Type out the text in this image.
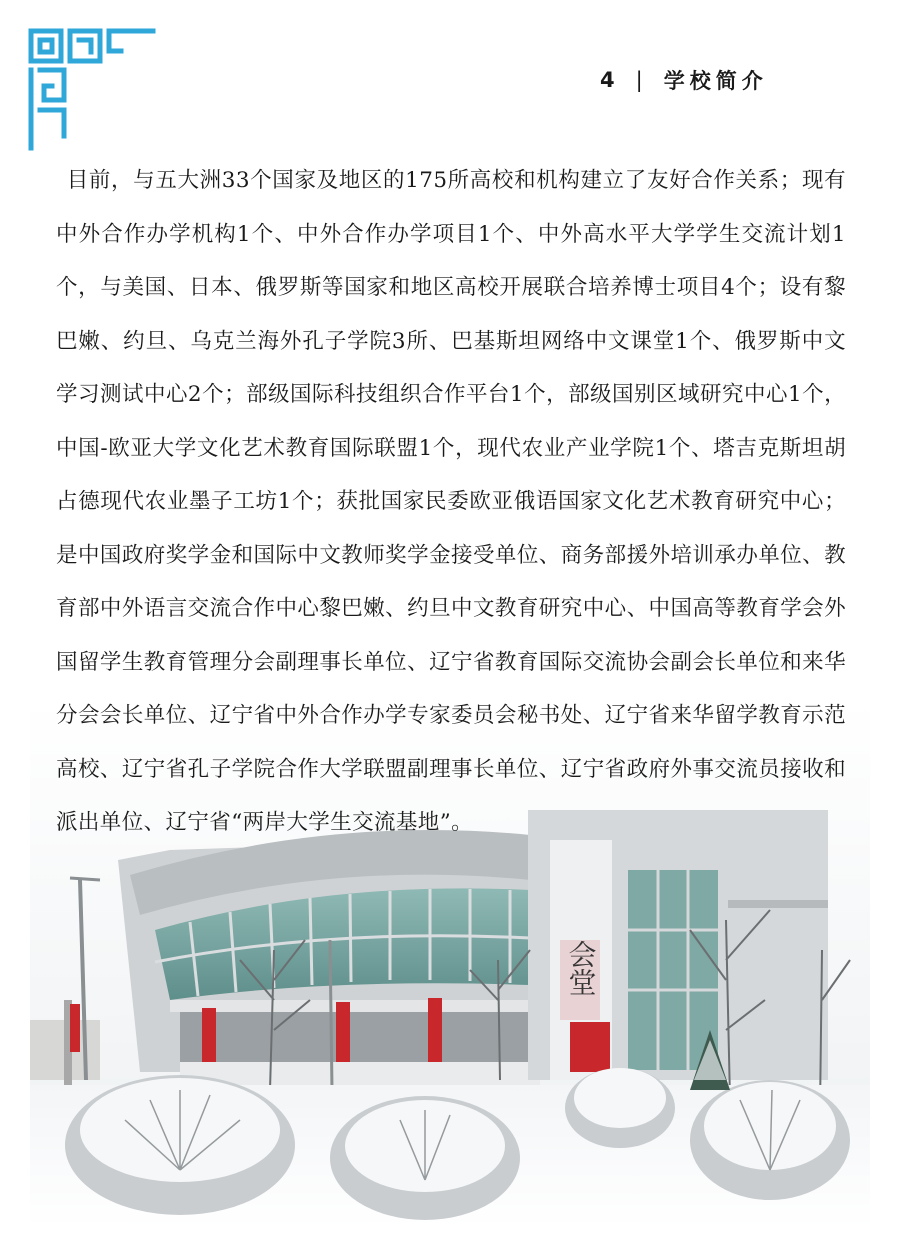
4 | 学校简介
会堂

目前，与五大洲33个国家及地区的175所高校和机构建立了友好合作关系；现有中外合作办学机构1个、中外合作办学项目1个、中外高水平大学学生交流计划1个，与美国、日本、俄罗斯等国家和地区高校开展联合培养博士项目4个；设有黎巴嫩、约旦、乌克兰海外孔子学院3所、巴基斯坦网络中文课堂1个、俄罗斯中文学习测试中心2个；部级国际科技组织合作平台1个，部级国别区域研究中心1个，中国-欧亚大学文化艺术教育国际联盟1个，现代农业产业学院1个、塔吉克斯坦胡占德现代农业墨子工坊1个；获批国家民委欧亚俄语国家文化艺术教育研究中心；是中国政府奖学金和国际中文教师奖学金接受单位、商务部援外培训承办单位、教育部中外语言交流合作中心黎巴嫩、约旦中文教育研究中心、中国高等教育学会外国留学生教育管理分会副理事长单位、辽宁省教育国际交流协会副会长单位和来华分会会长单位、辽宁省中外合作办学专家委员会秘书处、辽宁省来华留学教育示范高校、辽宁省孔子学院合作大学联盟副理事长单位、辽宁省政府外事交流员接收和派出单位、辽宁省“两岸大学生交流基地”。
